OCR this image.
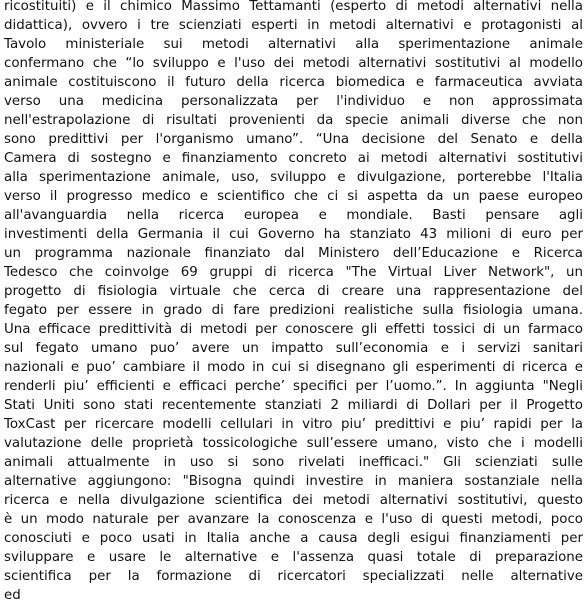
ricostituiti) e il chimico Massimo Tettamanti (esperto di metodi alternativi nella
didattica), ovvero i tre scienziati esperti in metodi alternativi e protagonisti al
Tavolo ministeriale sui metodi alternativi alla sperimentazione animale
confermano che “lo sviluppo e l'uso dei metodi alternativi sostitutivi al modello
animale costituiscono il futuro della ricerca biomedica e farmaceutica avviata
verso una medicina personalizzata per l'individuo e non approssimata
nell'estrapolazione di risultati provenienti da specie animali diverse che non
sono predittivi per l'organismo umano”. “Una decisione del Senato e della
Camera di sostegno e finanziamento concreto ai metodi alternativi sostitutivi
alla sperimentazione animale, uso, sviluppo e divulgazione, porterebbe l'Italia
verso il progresso medico e scientifico che ci si aspetta da un paese europeo
all'avanguardia nella ricerca europea e mondiale. Basti pensare agli
investimenti della Germania il cui Governo ha stanziato 43 milioni di euro per
un programma nazionale finanziato dal Ministero dell’Educazione e Ricerca
Tedesco che coinvolge 69 gruppi di ricerca "The Virtual Liver Network", un
progetto di fisiologia virtuale che cerca di creare una rappresentazione del
fegato per essere in grado di fare predizioni realistiche sulla fisiologia umana.
Una efficace predittività di metodi per conoscere gli effetti tossici di un farmaco
sul fegato umano puo’ avere un impatto sull’economia e i servizi sanitari
nazionali e puo’ cambiare il modo in cui si disegnano gli esperimenti di ricerca e
renderli piu’ efficienti e efficaci perche’ specifici per l’uomo.”. In aggiunta "Negli
Stati Uniti sono stati recentemente stanziati 2 miliardi di Dollari per il Progetto
ToxCast per ricercare modelli cellulari in vitro piu’ predittivi e piu’ rapidi per la
valutazione delle proprietà tossicologiche sull’essere umano, visto che i modelli
animali attualmente in uso si sono rivelati inefficaci." Gli scienziati sulle
alternative aggiungono: "Bisogna quindi investire in maniera sostanziale nella
ricerca e nella divulgazione scientifica dei metodi alternativi sostitutivi, questo
è un modo naturale per avanzare la conoscenza e l'uso di questi metodi, poco
conosciuti e poco usati in Italia anche a causa degli esigui finanziamenti per
sviluppare e usare le alternative e l'assenza quasi totale di preparazione
scientifica per la formazione di ricercatori specializzati nelle alternative
ed
